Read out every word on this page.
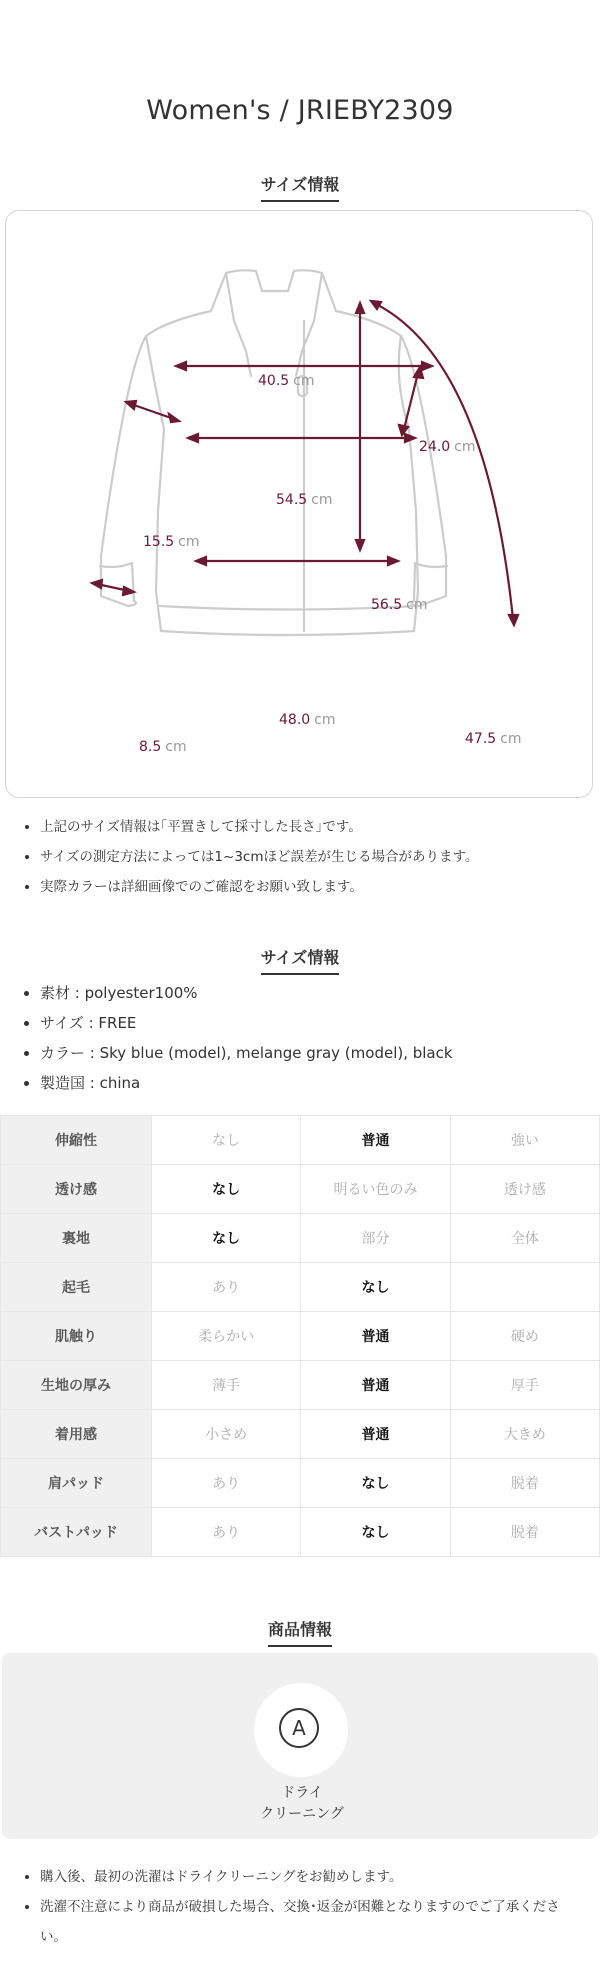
Women's / JRIEBY2309
サイズ情報
40.5 cm
24.0 cm
54.5 cm
15.5 cm
56.5 cm
48.0 cm
8.5 cm	47.5 cm
• 上記のサイズ情報は｢平置きして採寸した長さ｣です。
• サイズの測定方法によっては1~3cmほど誤差が生じる場合があります。
• 実際カラーは詳細画像でのご確認をお願い致します。
サイズ情報
• 素材 : polyester100%
• サイズ : FREE
• カラー : Sky blue (model), melange gray (model), black
• 製造国 : china
伸縮性	なし	普通	強い
透け感	なし	明るい色のみ	透け感
裏地	なし	部分	全体
起毛	あり	なし	
肌触り	柔らかい	普通	硬め
生地の厚み	薄手	普通	厚手
着用感	小さめ	普通	大きめ
肩パッド	あり	なし	脱着
バストパッド	あり	なし	脱着
商品情報
A
ドライ
クリーニング
• 購入後、最初の洗濯はドライクリーニングをお勧めします。
• 洗濯不注意により商品が破損した場合、交換･返金が困難となりますのでご了承ください。
